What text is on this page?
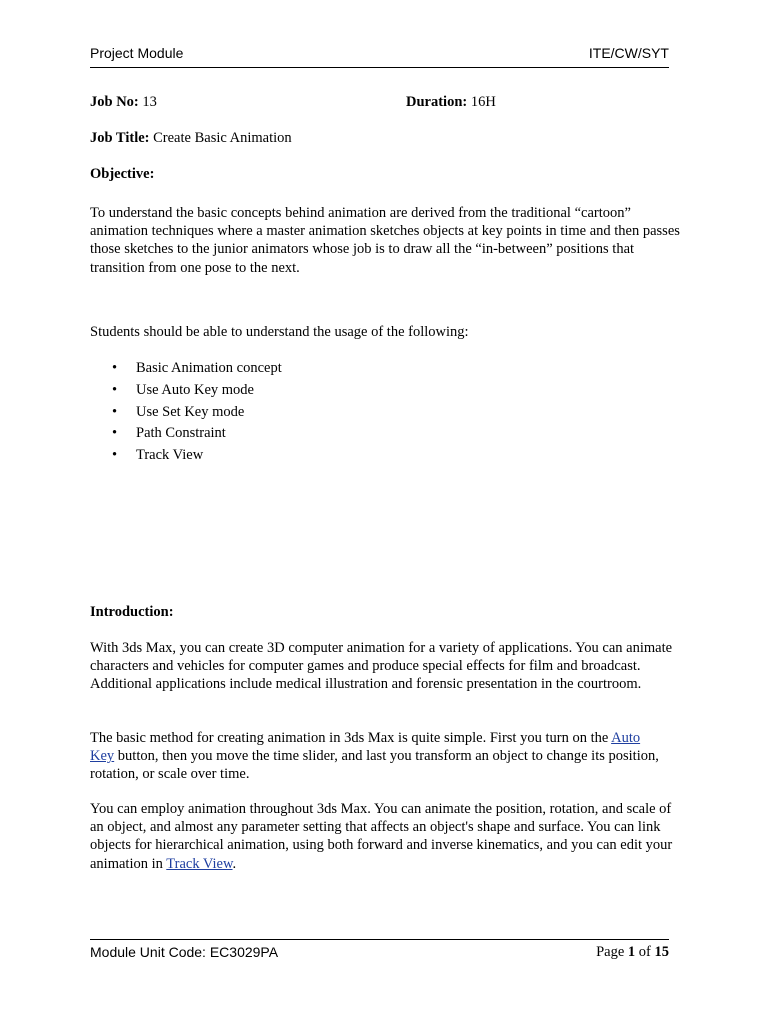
Project Module	ITE/CW/SYT
Job No: 13	Duration: 16H
Job Title: Create Basic Animation
Objective:
To understand the basic concepts behind animation are derived from the traditional “cartoon” animation techniques where a master animation sketches objects at key points in time and then passes those sketches to the junior animators whose job is to draw all the “in-between” positions that transition from one pose to the next.
Students should be able to understand the usage of the following:
• Basic Animation concept
• Use Auto Key mode
• Use Set Key mode
• Path Constraint
• Track View
Introduction:
With 3ds Max, you can create 3D computer animation for a variety of applications. You can animate characters and vehicles for computer games and produce special effects for film and broadcast. Additional applications include medical illustration and forensic presentation in the courtroom.
The basic method for creating animation in 3ds Max is quite simple. First you turn on the Auto
Key button, then you move the time slider, and last you transform an object to change its position, rotation, or scale over time.
You can employ animation throughout 3ds Max. You can animate the position, rotation, and scale of an object, and almost any parameter setting that affects an object's shape and surface. You can link objects for hierarchical animation, using both forward and inverse kinematics, and you can edit your animation in Track View.
Module Unit Code: EC3029PA	Page 1 of 15
